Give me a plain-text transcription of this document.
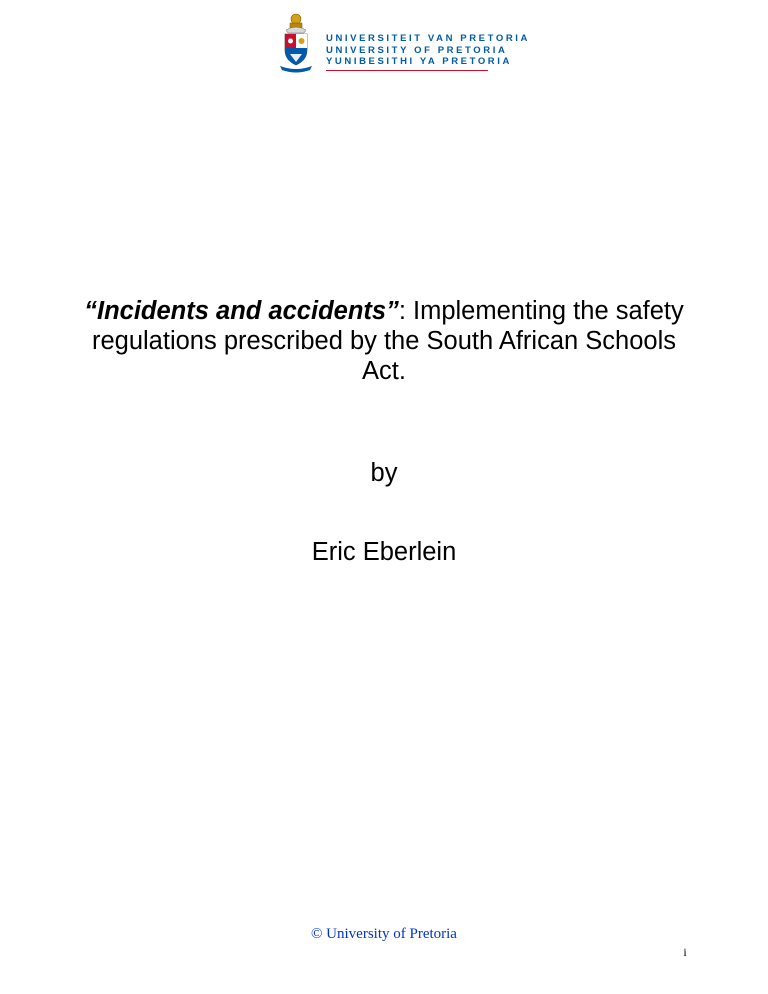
UNIVERSITEIT VAN PRETORIA
UNIVERSITY OF PRETORIA
YUNIBESITHI YA PRETORIA
“Incidents and accidents”: Implementing the safety regulations prescribed by the South African Schools Act.
by
Eric Eberlein
© University of Pretoria
i
